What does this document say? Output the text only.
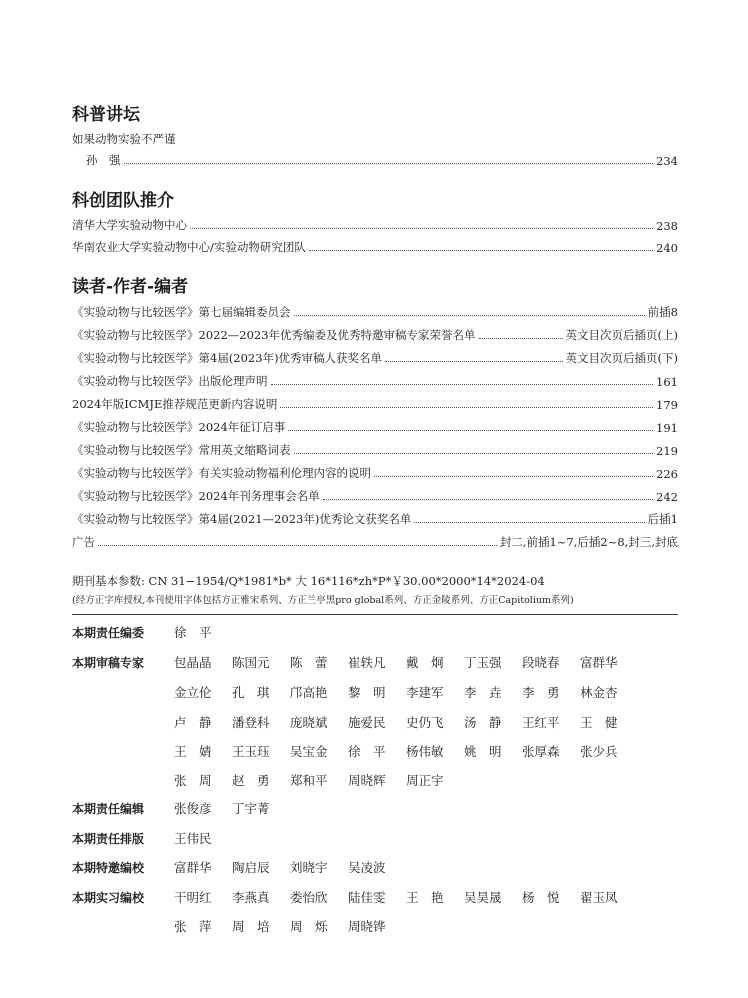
科普讲坛
如果动物实验不严谨
孙　强	234
科创团队推介
清华大学实验动物中心	238
华南农业大学实验动物中心/实验动物研究团队	240
读者-作者-编者
《实验动物与比较医学》第七届编辑委员会	前插8
《实验动物与比较医学》2022—2023年优秀编委及优秀特邀审稿专家荣誉名单	英文目次页后插页(上)
《实验动物与比较医学》第4届(2023年)优秀审稿人获奖名单	英文目次页后插页(下)
《实验动物与比较医学》出版伦理声明	161
2024年版ICMJE推荐规范更新内容说明	179
《实验动物与比较医学》2024年征订启事	191
《实验动物与比较医学》常用英文缩略词表	219
《实验动物与比较医学》有关实验动物福利伦理内容的说明	226
《实验动物与比较医学》2024年刊务理事会名单	242
《实验动物与比较医学》第4届(2021—2023年)优秀论文获奖名单	后插1
广告	封二,前插1~7,后插2~8,封三,封底
期刊基本参数: CN 31−1954/Q*1981*b* 大 16*116*zh*P*￥30.00*2000*14*2024-04
(经方正字库授权,本刊使用字体包括方正雅宋系列、方正兰亭黑pro global系列、方正金陵系列、方正Capitolium系列)
本期责任编委 徐　平
本期审稿专家 包晶晶	陈国元	陈　蕾	崔轶凡	戴　炯	丁玉强	段晓春	富群华
金立伦	孔　琪	邝高艳	黎　明	李建军	李　垚	李　勇	林金杏
卢　静	潘登科	庞晓斌	施爱民	史仍飞	汤　静	王红平	王　健
王　婧	王玉珏	吴宝金	徐　平	杨伟敏	姚　明	张厚森	张少兵
张　周	赵　勇	郑和平	周晓辉	周正宇
本期责任编辑 张俊彦	丁宇菁
本期责任排版 王伟民
本期特邀编校 富群华	陶启辰	刘晓宇	吴凌波
本期实习编校 干明红	李燕真	娄怡欣	陆佳雯	王　艳	吴昊晟	杨　悦	翟玉凤
张　萍	周　培	周　烁	周晓铧
